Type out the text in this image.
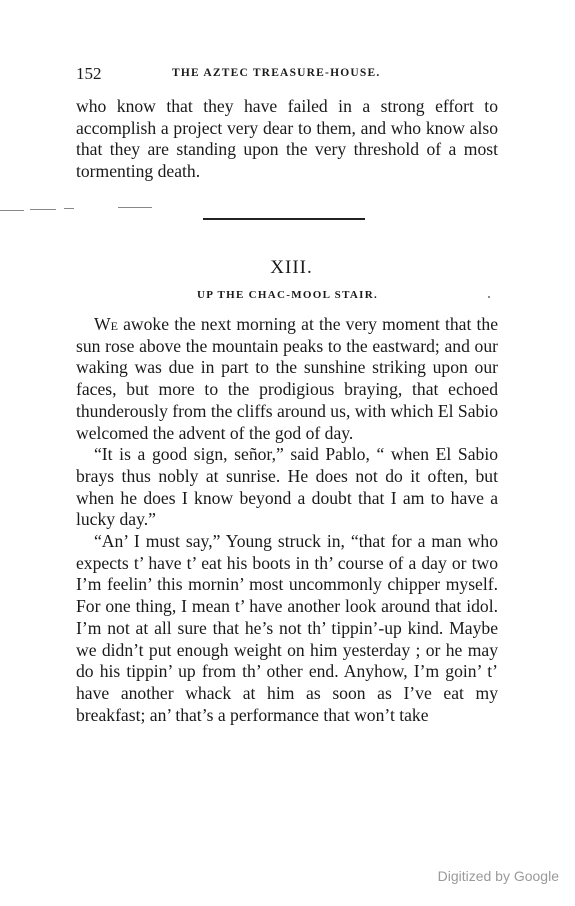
152	THE AZTEC TREASURE-HOUSE.

who know that they have failed in a strong effort to accomplish a project very dear to them, and who know also that they are standing upon the very threshold of a most tormenting death.

XIII.
UP THE CHAC-MOOL STAIR.

We awoke the next morning at the very moment that the sun rose above the mountain peaks to the eastward; and our waking was due in part to the sunshine striking upon our faces, but more to the prodigious braying, that echoed thunderously from the cliffs around us, with which El Sabio welcomed the advent of the god of day.

“It is a good sign, señor,” said Pablo, “ when El Sabio brays thus nobly at sunrise. He does not do it often, but when he does I know beyond a doubt that I am to have a lucky day.”

“An’ I must say,” Young struck in, “that for a man who expects t’ have t’ eat his boots in th’ course of a day or two I’m feelin’ this mornin’ most uncommonly chipper myself. For one thing, I mean t’ have another look around that idol. I’m not at all sure that he’s not th’ tippin’-up kind. Maybe we didn’t put enough weight on him yesterday ; or he may do his tippin’ up from th’ other end. Anyhow, I’m goin’ t’ have another whack at him as soon as I’ve eat my breakfast; an’ that’s a performance that won’t take

Digitized by Google
